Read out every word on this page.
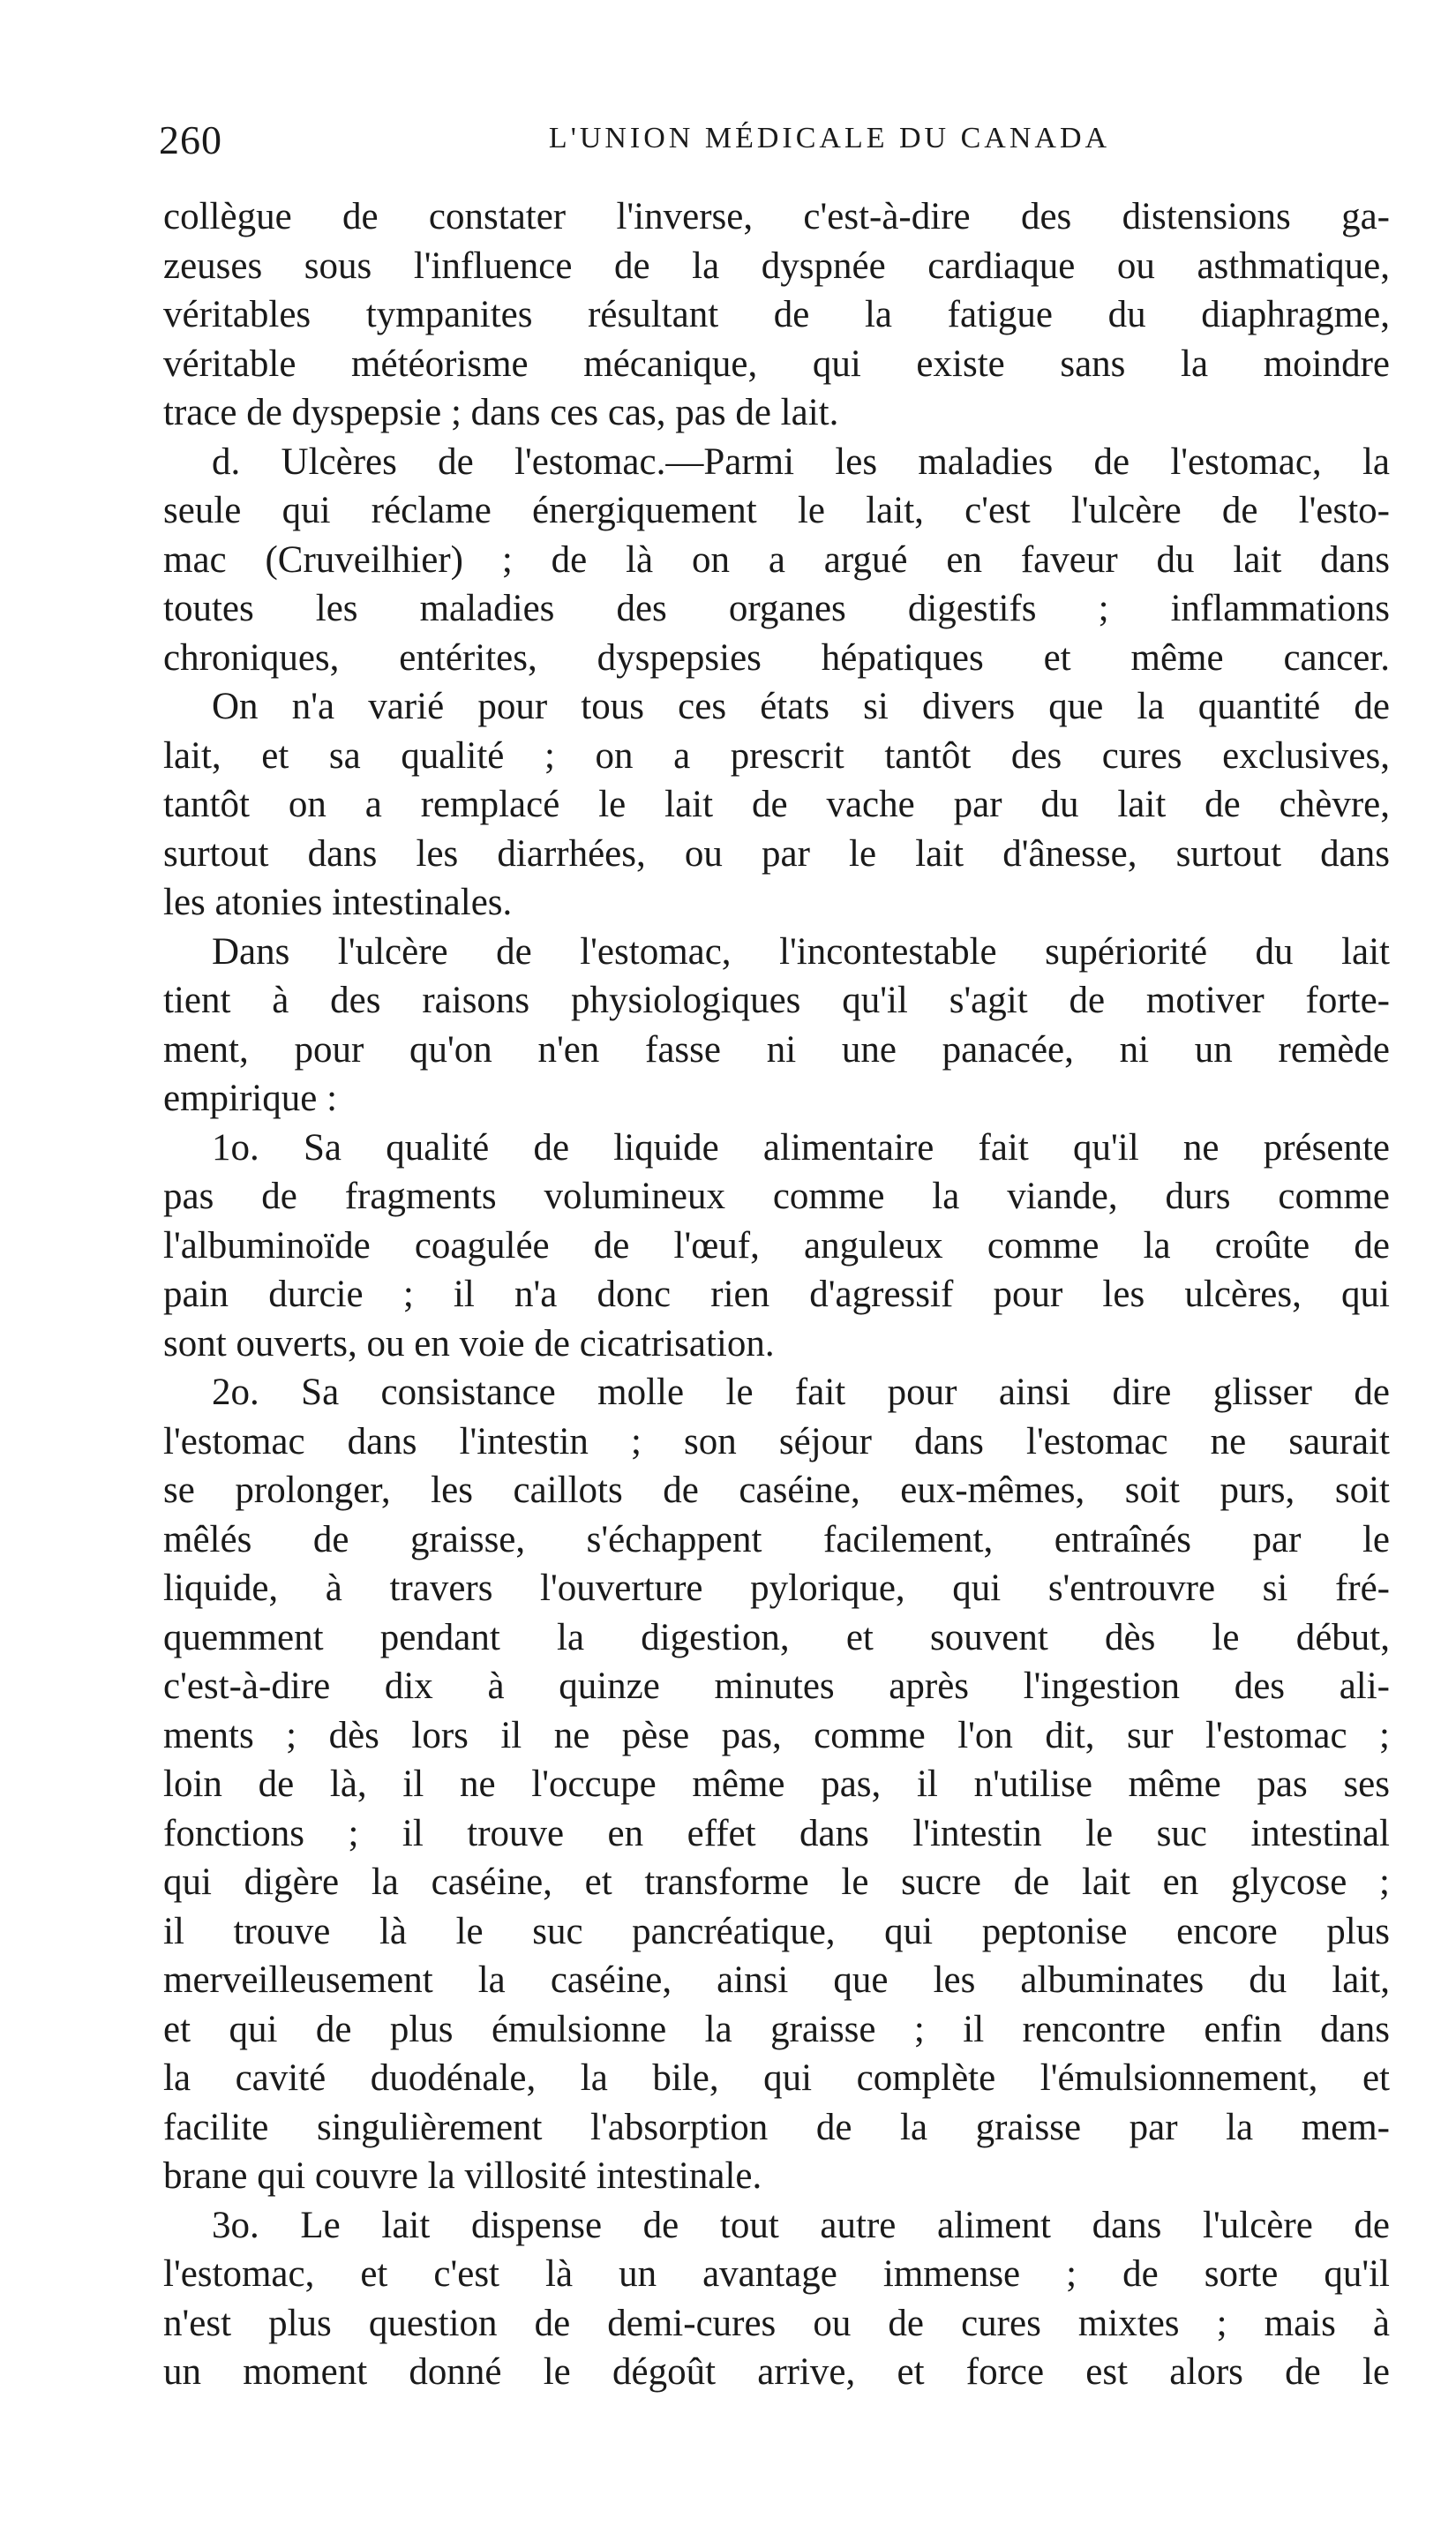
260	L'UNION MÉDICALE DU CANADA
collègue de constater l'inverse, c'est-à-dire des distensions ga-
zeuses sous l'influence de la dyspnée cardiaque ou asthmatique,
véritables tympanites résultant de la fatigue du diaphragme,
véritable météorisme mécanique, qui existe sans la moindre
trace de dyspepsie ; dans ces cas, pas de lait.
d. Ulcères de l'estomac.—Parmi les maladies de l'estomac, la
seule qui réclame énergiquement le lait, c'est l'ulcère de l'esto-
mac (Cruveilhier) ; de là on a argué en faveur du lait dans
toutes les maladies des organes digestifs ; inflammations
chroniques, entérites, dyspepsies hépatiques et même cancer.
On n'a varié pour tous ces états si divers que la quantité de
lait, et sa qualité ; on a prescrit tantôt des cures exclusives,
tantôt on a remplacé le lait de vache par du lait de chèvre,
surtout dans les diarrhées, ou par le lait d'ânesse, surtout dans
les atonies intestinales.
Dans l'ulcère de l'estomac, l'incontestable supériorité du lait
tient à des raisons physiologiques qu'il s'agit de motiver forte-
ment, pour qu'on n'en fasse ni une panacée, ni un remède
empirique :
1o. Sa qualité de liquide alimentaire fait qu'il ne présente
pas de fragments volumineux comme la viande, durs comme
l'albuminoïde coagulée de l'œuf, anguleux comme la croûte de
pain durcie ; il n'a donc rien d'agressif pour les ulcères, qui
sont ouverts, ou en voie de cicatrisation.
2o. Sa consistance molle le fait pour ainsi dire glisser de
l'estomac dans l'intestin ; son séjour dans l'estomac ne saurait
se prolonger, les caillots de caséine, eux-mêmes, soit purs, soit
mêlés de graisse, s'échappent facilement, entraînés par le
liquide, à travers l'ouverture pylorique, qui s'entrouvre si fré-
quemment pendant la digestion, et souvent dès le début,
c'est-à-dire dix à quinze minutes après l'ingestion des ali-
ments ; dès lors il ne pèse pas, comme l'on dit, sur l'estomac ;
loin de là, il ne l'occupe même pas, il n'utilise même pas ses
fonctions ; il trouve en effet dans l'intestin le suc intestinal
qui digère la caséine, et transforme le sucre de lait en glycose ;
il trouve là le suc pancréatique, qui peptonise encore plus
merveilleusement la caséine, ainsi que les albuminates du lait,
et qui de plus émulsionne la graisse ; il rencontre enfin dans
la cavité duodénale, la bile, qui complète l'émulsionnement, et
facilite singulièrement l'absorption de la graisse par la mem-
brane qui couvre la villosité intestinale.
3o. Le lait dispense de tout autre aliment dans l'ulcère de
l'estomac, et c'est là un avantage immense ; de sorte qu'il
n'est plus question de demi-cures ou de cures mixtes ; mais à
un moment donné le dégoût arrive, et force est alors de le
